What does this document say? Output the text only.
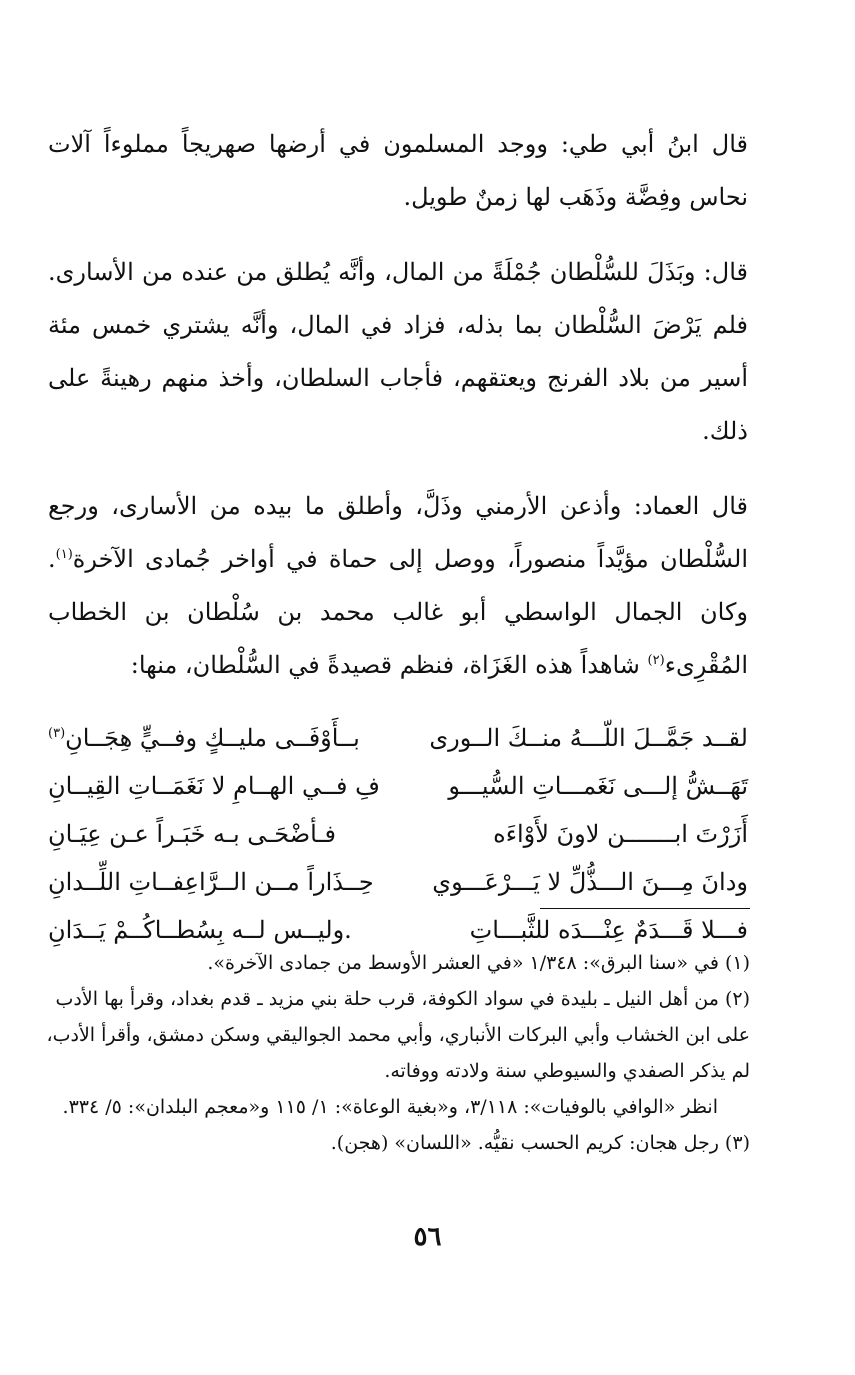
قال ابنُ أبي طي: ووجد المسلمون في أرضها صهريجاً مملوءاً آلات نحاس وفِضَّة وذَهَب لها زمنٌ طويل.

قال: وبَذَلَ للسُّلْطان جُمْلَةً من المال، وأنَّه يُطلق من عنده من الأسارى. فلم يَرْضَ السُّلْطان بما بذله، فزاد في المال، وأنَّه يشتري خمس مئة أسير من بلاد الفرنج ويعتقهم، فأجاب السلطان، وأخذ منهم رهينةً على ذلك.

قال العماد: وأذعن الأرمني وذَلَّ، وأطلق ما بيده من الأسارى، ورجع السُّلْطان مؤيَّداً منصوراً، ووصل إلى حماة في أواخر جُمادى الآخرة$^{(١)}$. وكان الجمال الواسطي أبو غالب محمد بن سُلْطان بن الخطاب المُقْرِىء$^{(٢)}$ شاهداً هذه الغَزَاة، فنظم قصيدةً في السُّلْطان، منها:

لقــد جَمَّــلَ اللّـــهُ منــكَ الــورى
بــأَوْفَــى مليــكٍ وفــيٍّ هِجَــانِ$^{(٣)}$
تَهَــشُّ إلـــى نَغَمـــاتِ السُّيـــو
فِ فــي الهــامِ لا نَغَمَــاتِ القِيــانِ
أَزَرْتَ ابـــــــن لاونَ لأَوْاءَه
فـأضْحَـى بـه خَبَـراً عـن عِيَـانِ
ودانَ مِـــنَ الـــذُّلِّ لا يَـــرْعَـــوي
حِــذَاراً مــن الــرَّاعِفــاتِ اللِّــدانِ
فـــلا قَـــدَمٌ عِنْـــدَه للثَّبـــاتِ
.وليــس لــه بِسُطــاكُــمْ يَــدَانِ

(١) في «سنا البرق»: ١/٣٤٨ «في العشر الأوسط من جمادى الآخرة».

(٢) من أهل النيل ـ بليدة في سواد الكوفة، قرب حلة بني مزيد ـ قدم بغداد، وقرأ بها الأدب على ابن الخشاب وأبي البركات الأنباري، وأبي محمد الجواليقي وسكن دمشق، وأقرأ الأدب، لم يذكر الصفدي والسيوطي سنة ولادته ووفاته.
انظر «الوافي بالوفيات»: ٣/١١٨، و«بغية الوعاة»: ١/ ١١٥ و«معجم البلدان»: ٥/ ٣٣٤.

(٣) رجل هجان: كريم الحسب نقيُّه. «اللسان» (هجن).

٥٦
